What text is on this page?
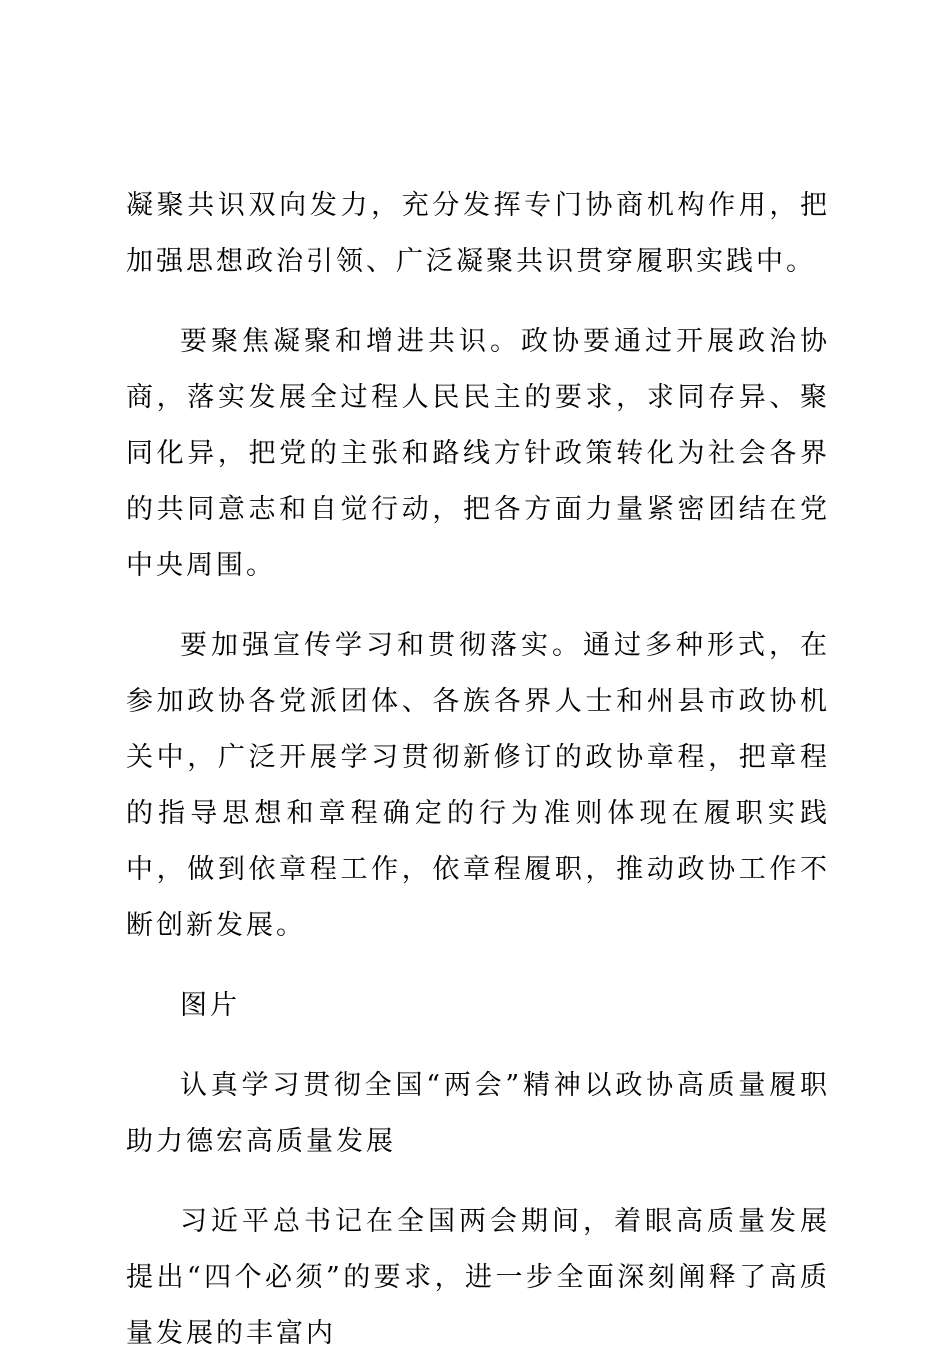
凝聚共识双向发力，充分发挥专门协商机构作用，把加强思想政治引领、广泛凝聚共识贯穿履职实践中。

要聚焦凝聚和增进共识。政协要通过开展政治协商，落实发展全过程人民民主的要求，求同存异、聚同化异，把党的主张和路线方针政策转化为社会各界的共同意志和自觉行动，把各方面力量紧密团结在党中央周围。

要加强宣传学习和贯彻落实。通过多种形式，在参加政协各党派团体、各族各界人士和州县市政协机关中，广泛开展学习贯彻新修订的政协章程，把章程的指导思想和章程确定的行为准则体现在履职实践中，做到依章程工作，依章程履职，推动政协工作不断创新发展。

图片

认真学习贯彻全国“两会”精神以政协高质量履职助力德宏高质量发展

习近平总书记在全国两会期间，着眼高质量发展提出“四个必须”的要求，进一步全面深刻阐释了高质量发展的丰富内
